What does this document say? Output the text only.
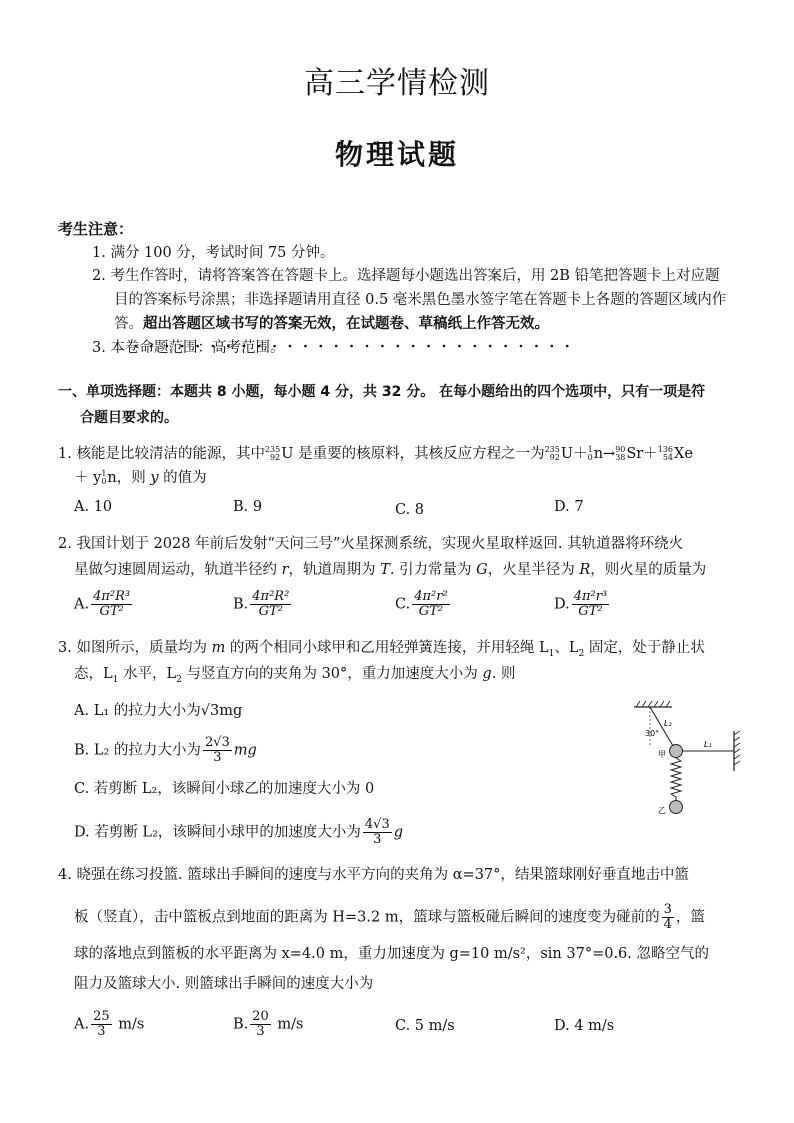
高三学情检测
物理试题
考生注意：
1. 满分 100 分，考试时间 75 分钟。
2. 考生作答时，请将答案答在答题卡上。选择题每小题选出答案后，用 2B 铅笔把答题卡上对应题
目的答案标号涂黑；非选择题请用直径 0.5 毫米黑色墨水签字笔在答题卡上各题的答题区域内作
答。超出答题区域书写的答案无效，在试题卷、草稿纸上作答无效。
3. 本卷命题范围：高考范围。
一、单项选择题：本题共 8 小题，每小题 4 分，共 32 分。 在每小题给出的四个选项中，只有一项是符
合题目要求的。
1. 核能是比较清洁的能源，其中235
92U 是重要的核原料，其核反应方程之一为235
92U＋1
0n→90
38Sr＋136
54Xe
＋ y1
0n，则 y 的值为
A. 10	B. 9	C. 8	D. 7
2. 我国计划于 2028 年前后发射“天问三号”火星探测系统，实现火星取样返回. 其轨道器将环绕火
星做匀速圆周运动，轨道半径约 r，轨道周期为 T. 引力常量为 G，火星半径为 R，则火星的质量为
A. $\frac{\text{4π²R³}}{\text{GT²}}$	B. $\frac{\text{4π²R²}}{\text{GT²}}$	C. $\frac{\text{4π²r²}}{\text{GT²}}$	D. $\frac{\text{4π²r³}}{\text{GT²}}$
3. 如图所示，质量均为 m 的两个相同小球甲和乙用轻弹簧连接，并用轻绳 $L_1$、$L_2$ 固定，处于静止状
态，$L_1$ 水平，$L_2$ 与竖直方向的夹角为 30°，重力加速度大小为 g. 则
A. L₁ 的拉力大小为√3mg
B. L₂ 的拉力大小为 $\frac{2√3}{3}$ mg
C. 若剪断 L₂，该瞬间小球乙的加速度大小为 0
D. 若剪断 L₂，该瞬间小球甲的加速度大小为 $\frac{4√3}{3}$ g
30°
L₂
L₁
甲
乙
4. 晓强在练习投篮. 篮球出手瞬间的速度与水平方向的夹角为 α=37°，结果篮球刚好垂直地击中篮
板（竖直），击中篮板点到地面的距离为 H=3.2 m，篮球与篮板碰后瞬间的速度变为碰前的 $\frac{3}{4}$ ，篮
球的落地点到篮板的水平距离为 x=4.0 m，重力加速度为 g=10 m/s²，sin 37°=0.6. 忽略空气的
阻力及篮球大小. 则篮球出手瞬间的速度大小为
A. $\frac{25}{3} m/s$	B. $\frac{20}{3} m/s$	C. 5 m/s	D. 4 m/s
